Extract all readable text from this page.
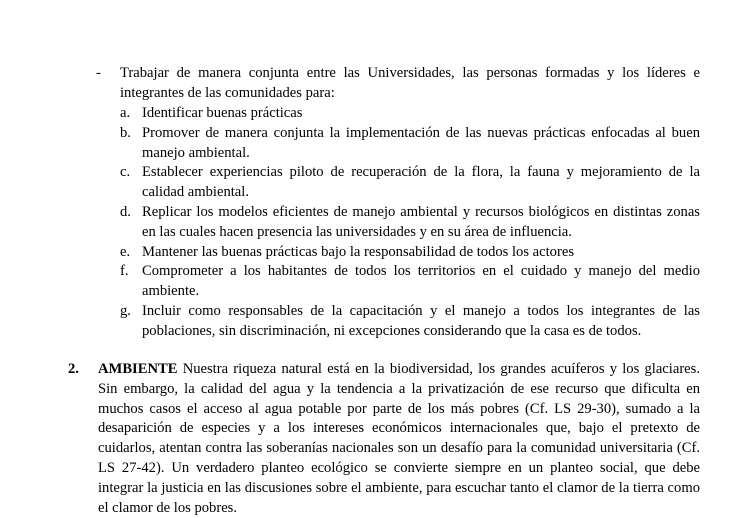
- Trabajar de manera conjunta entre las Universidades, las personas formadas y los líderes e integrantes de las comunidades para:
a. Identificar buenas prácticas
b. Promover de manera conjunta la implementación de las nuevas prácticas enfocadas al buen manejo ambiental.
c. Establecer experiencias piloto de recuperación de la flora, la fauna y mejoramiento de la calidad ambiental.
d. Replicar los modelos eficientes de manejo ambiental y recursos biológicos en distintas zonas en las cuales hacen presencia las universidades y en su área de influencia.
e. Mantener las buenas prácticas bajo la responsabilidad de todos los actores
f. Comprometer a los habitantes de todos los territorios en el cuidado y manejo del medio ambiente.
g. Incluir como responsables de la capacitación y el manejo a todos los integrantes de las poblaciones, sin discriminación, ni excepciones considerando que la casa es de todos.
2. AMBIENTE Nuestra riqueza natural está en la biodiversidad, los grandes acuíferos y los glaciares. Sin embargo, la calidad del agua y la tendencia a la privatización de ese recurso que dificulta en muchos casos el acceso al agua potable por parte de los más pobres (Cf. LS 29-30), sumado a la desaparición de especies y a los intereses económicos internacionales que, bajo el pretexto de cuidarlos, atentan contra las soberanías nacionales son un desafío para la comunidad universitaria (Cf. LS 27-42). Un verdadero planteo ecológico se convierte siempre en un planteo social, que debe integrar la justicia en las discusiones sobre el ambiente, para escuchar tanto el clamor de la tierra como el clamor de los pobres.
